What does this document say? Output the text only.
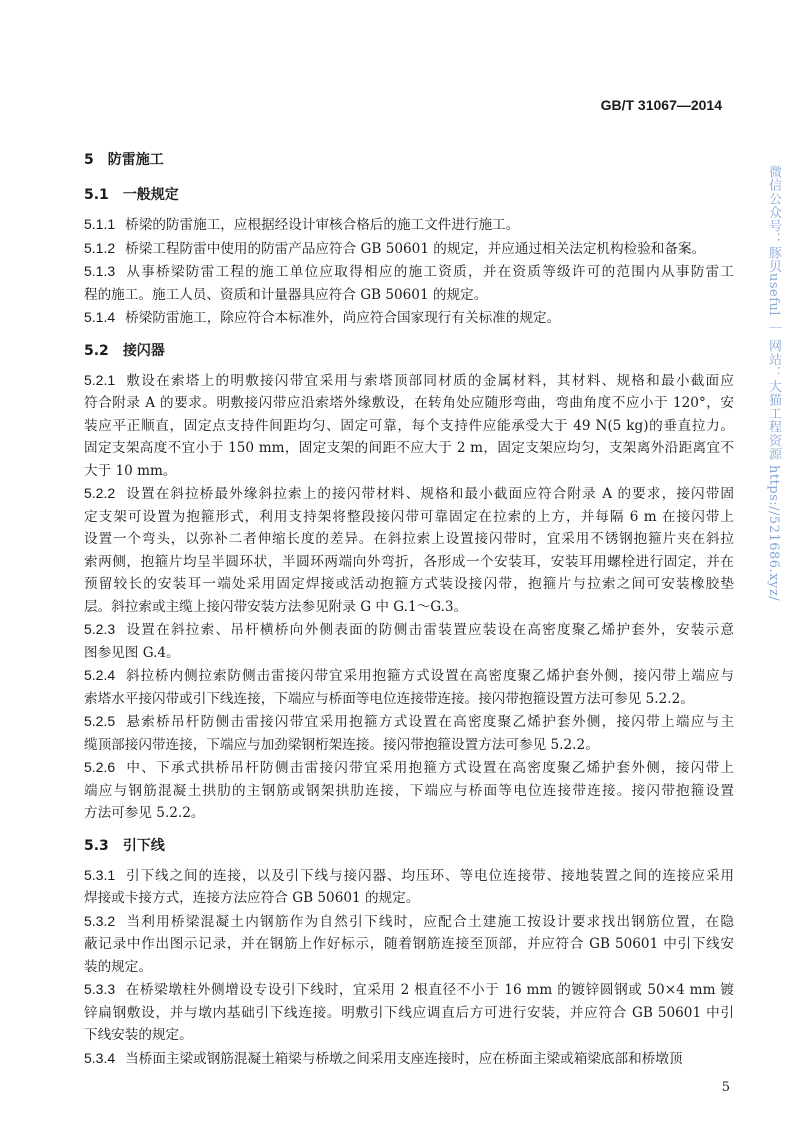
GB/T 31067—2014
5 防雷施工
5.1 一般规定
5.1.1 桥梁的防雷施工，应根据经设计审核合格后的施工文件进行施工。
5.1.2 桥梁工程防雷中使用的防雷产品应符合 GB 50601 的规定，并应通过相关法定机构检验和备案。
5.1.3 从事桥梁防雷工程的施工单位应取得相应的施工资质，并在资质等级许可的范围内从事防雷工
程的施工。施工人员、资质和计量器具应符合 GB 50601 的规定。
5.1.4 桥梁防雷施工，除应符合本标准外，尚应符合国家现行有关标准的规定。
5.2 接闪器
5.2.1 敷设在索塔上的明敷接闪带宜采用与索塔顶部同材质的金属材料，其材料、规格和最小截面应
符合附录 A 的要求。明敷接闪带应沿索塔外缘敷设，在转角处应随形弯曲，弯曲角度不应小于 120°，安
装应平正顺直，固定点支持件间距均匀、固定可靠，每个支持件应能承受大于 49 N(5 kg)的垂直拉力。
固定支架高度不宜小于 150 mm，固定支架的间距不应大于 2 m，固定支架应均匀，支架离外沿距离宜不
大于 10 mm。
5.2.2 设置在斜拉桥最外缘斜拉索上的接闪带材料、规格和最小截面应符合附录 A 的要求，接闪带固
定支架可设置为抱箍形式，利用支持架将整段接闪带可靠固定在拉索的上方，并每隔 6 m 在接闪带上
设置一个弯头，以弥补二者伸缩长度的差异。在斜拉索上设置接闪带时，宜采用不锈钢抱箍片夹在斜拉
索两侧，抱箍片均呈半圆环状，半圆环两端向外弯折，各形成一个安装耳，安装耳用螺栓进行固定，并在
预留较长的安装耳一端处采用固定焊接或活动抱箍方式装设接闪带，抱箍片与拉索之间可安装橡胶垫
层。斜拉索或主缆上接闪带安装方法参见附录 G 中 G.1～G.3。
5.2.3 设置在斜拉索、吊杆横桥向外侧表面的防侧击雷装置应装设在高密度聚乙烯护套外，安装示意
图参见图 G.4。
5.2.4 斜拉桥内侧拉索防侧击雷接闪带宜采用抱箍方式设置在高密度聚乙烯护套外侧，接闪带上端应与
索塔水平接闪带或引下线连接，下端应与桥面等电位连接带连接。接闪带抱箍设置方法可参见 5.2.2。
5.2.5 悬索桥吊杆防侧击雷接闪带宜采用抱箍方式设置在高密度聚乙烯护套外侧，接闪带上端应与主
缆顶部接闪带连接，下端应与加劲梁钢桁架连接。接闪带抱箍设置方法可参见 5.2.2。
5.2.6 中、下承式拱桥吊杆防侧击雷接闪带宜采用抱箍方式设置在高密度聚乙烯护套外侧，接闪带上
端应与钢筋混凝土拱肋的主钢筋或钢架拱肋连接，下端应与桥面等电位连接带连接。接闪带抱箍设置
方法可参见 5.2.2。
5.3 引下线
5.3.1 引下线之间的连接，以及引下线与接闪器、均压环、等电位连接带、接地装置之间的连接应采用
焊接或卡接方式，连接方法应符合 GB 50601 的规定。
5.3.2 当利用桥梁混凝土内钢筋作为自然引下线时，应配合土建施工按设计要求找出钢筋位置，在隐
蔽记录中作出图示记录，并在钢筋上作好标示，随着钢筋连接至顶部，并应符合 GB 50601 中引下线安
装的规定。
5.3.3 在桥梁墩柱外侧增设专设引下线时，宜采用 2 根直径不小于 16 mm 的镀锌圆钢或 50×4 mm 镀
锌扁钢敷设，并与墩内基础引下线连接。明敷引下线应调直后方可进行安装，并应符合 GB 50601 中引
下线安装的规定。
5.3.4 当桥面主梁或钢筋混凝土箱梁与桥墩之间采用支座连接时，应在桥面主梁或箱梁底部和桥墩顶
5
微信公众号：豚贝useful ｜ 网站：大猫工程资源 https://521686.xyz/
